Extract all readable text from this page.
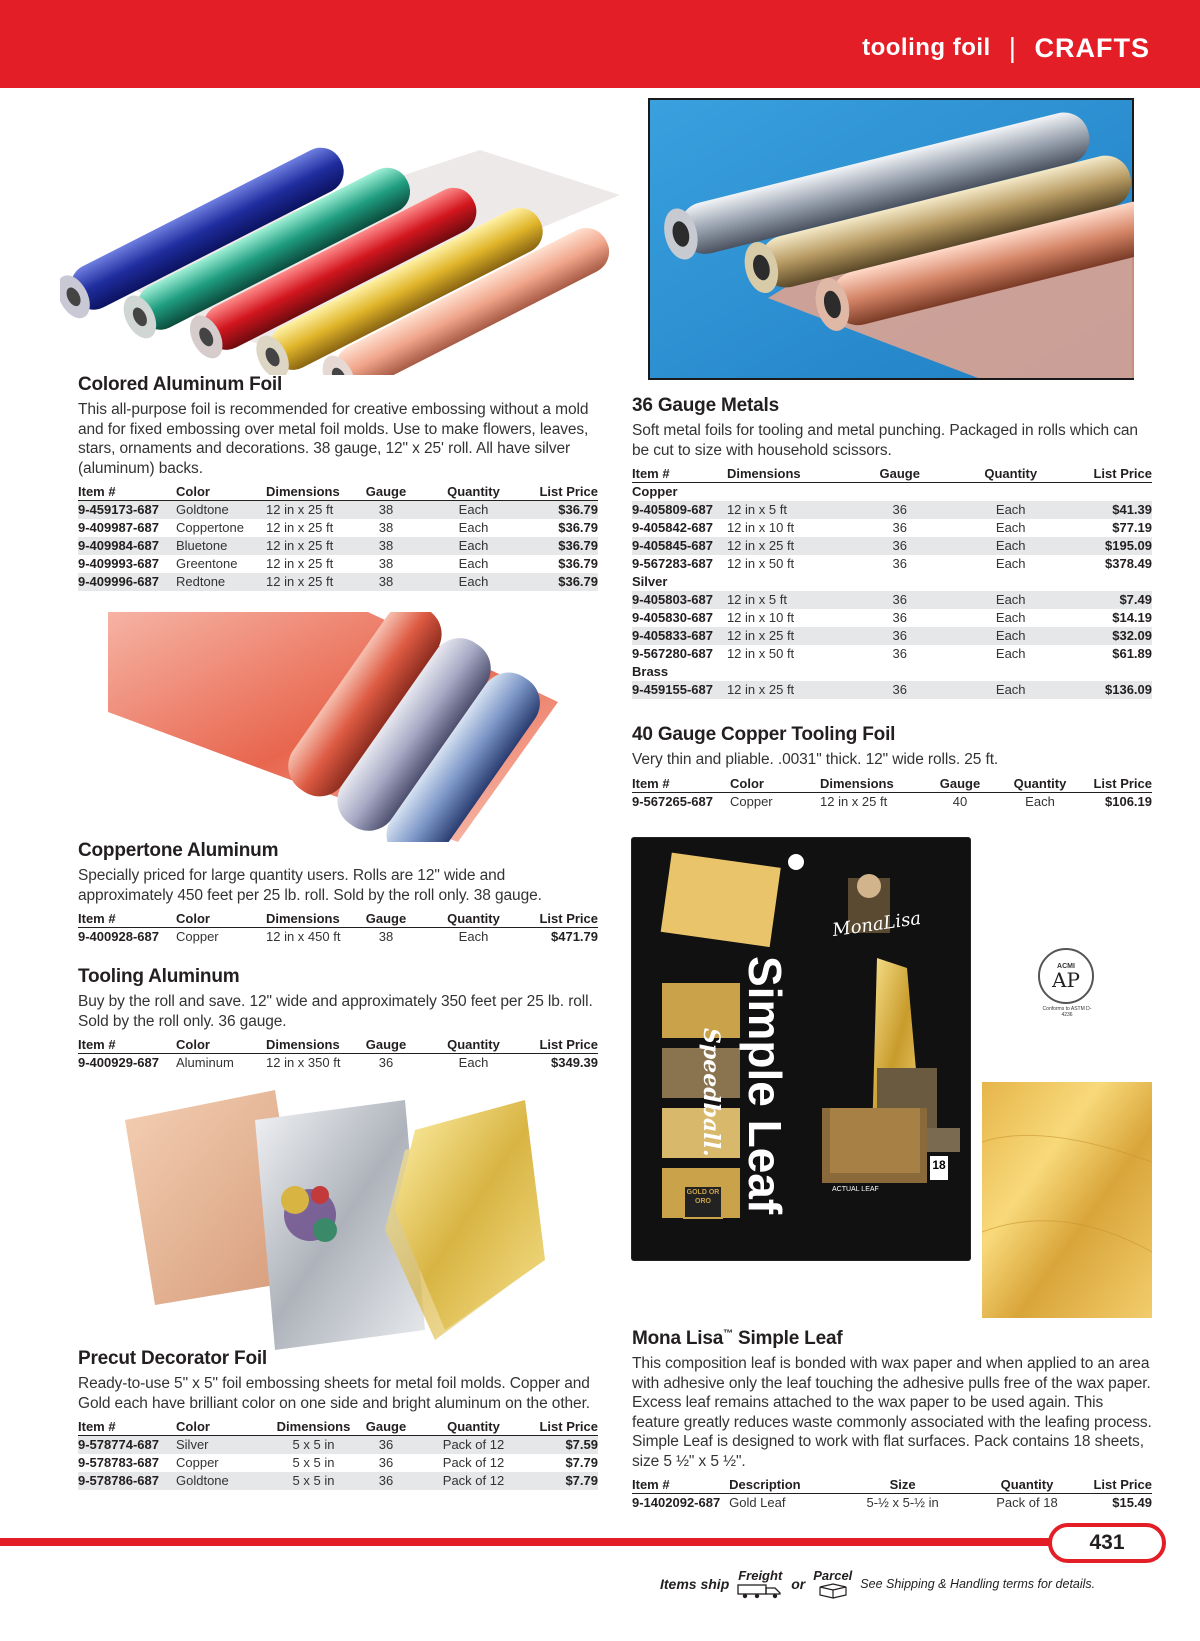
tooling foil | CRAFTS
Colored Aluminum Foil

This all-purpose foil is recommended for creative embossing without a mold and for fixed embossing over metal foil molds. Use to make flowers, leaves, stars, ornaments and decorations. 38 gauge, 12" x 25' roll. All have silver (aluminum) backs.

Item #	Color	Dimensions	Gauge	Quantity	List Price
9-459173-687	Goldtone	12 in x 25 ft	38	Each	$36.79
9-409987-687	Coppertone	12 in x 25 ft	38	Each	$36.79
9-409984-687	Bluetone	12 in x 25 ft	38	Each	$36.79
9-409993-687	Greentone	12 in x 25 ft	38	Each	$36.79
9-409996-687	Redtone	12 in x 25 ft	38	Each	$36.79
Coppertone Aluminum

Specially priced for large quantity users. Rolls are 12" wide and approximately 450 feet per 25 lb. roll. Sold by the roll only. 38 gauge.

Item #	Color	Dimensions	Gauge	Quantity	List Price
9-400928-687	Copper	12 in x 450 ft	38	Each	$471.79
Tooling Aluminum

Buy by the roll and save. 12" wide and approximately 350 feet per 25 lb. roll. Sold by the roll only. 36 gauge.

Item #	Color	Dimensions	Gauge	Quantity	List Price
9-400929-687	Aluminum	12 in x 350 ft	36	Each	$349.39
Precut Decorator Foil

Ready-to-use 5" x 5" foil embossing sheets for metal foil molds. Copper and Gold each have brilliant color on one side and bright aluminum on the other.

Item #	Color	Dimensions	Gauge	Quantity	List Price
9-578774-687	Silver	5 x 5 in	36	Pack of 12	$7.59
9-578783-687	Copper	5 x 5 in	36	Pack of 12	$7.79
9-578786-687	Goldtone	5 x 5 in	36	Pack of 12	$7.79
36 Gauge Metals

Soft metal foils for tooling and metal punching. Packaged in rolls which can be cut to size with household scissors.

Item #	Dimensions	Gauge	Quantity	List Price
Copper				
9-405809-687	12 in x 5 ft	36	Each	$41.39
9-405842-687	12 in x 10 ft	36	Each	$77.19
9-405845-687	12 in x 25 ft	36	Each	$195.09
9-567283-687	12 in x 50 ft	36	Each	$378.49
Silver				
9-405803-687	12 in x 5 ft	36	Each	$7.49
9-405830-687	12 in x 10 ft	36	Each	$14.19
9-405833-687	12 in x 25 ft	36	Each	$32.09
9-567280-687	12 in x 50 ft	36	Each	$61.89
Brass				
9-459155-687	12 in x 25 ft	36	Each	$136.09
40 Gauge Copper Tooling Foil

Very thin and pliable. .0031" thick. 12" wide rolls. 25 ft.

Item #	Color	Dimensions	Gauge	Quantity	List Price
9-567265-687	Copper	12 in x 25 ft	40	Each	$106.19
Speedball. Simple Leaf
MonaLisa
18
GOLD OR ORO
ACTUAL LEAF
ACMI
AP
Conforms to ASTM D-4236
Mona Lisa™ Simple Leaf

This composition leaf is bonded with wax paper and when applied to an area with adhesive only the leaf touching the adhesive pulls free of the wax paper. Excess leaf remains attached to the wax paper to be used again. This feature greatly reduces waste commonly associated with the leafing process. Simple Leaf is designed to work with flat surfaces. Pack contains 18 sheets, size 5 ½" x 5 ½".

Item #	Description	Size	Quantity	List Price
9-1402092-687	Gold Leaf	5-½ x 5-½ in	Pack of 18	$15.49
431
Items ship Freight or Parcel
See Shipping & Handling terms for details.
